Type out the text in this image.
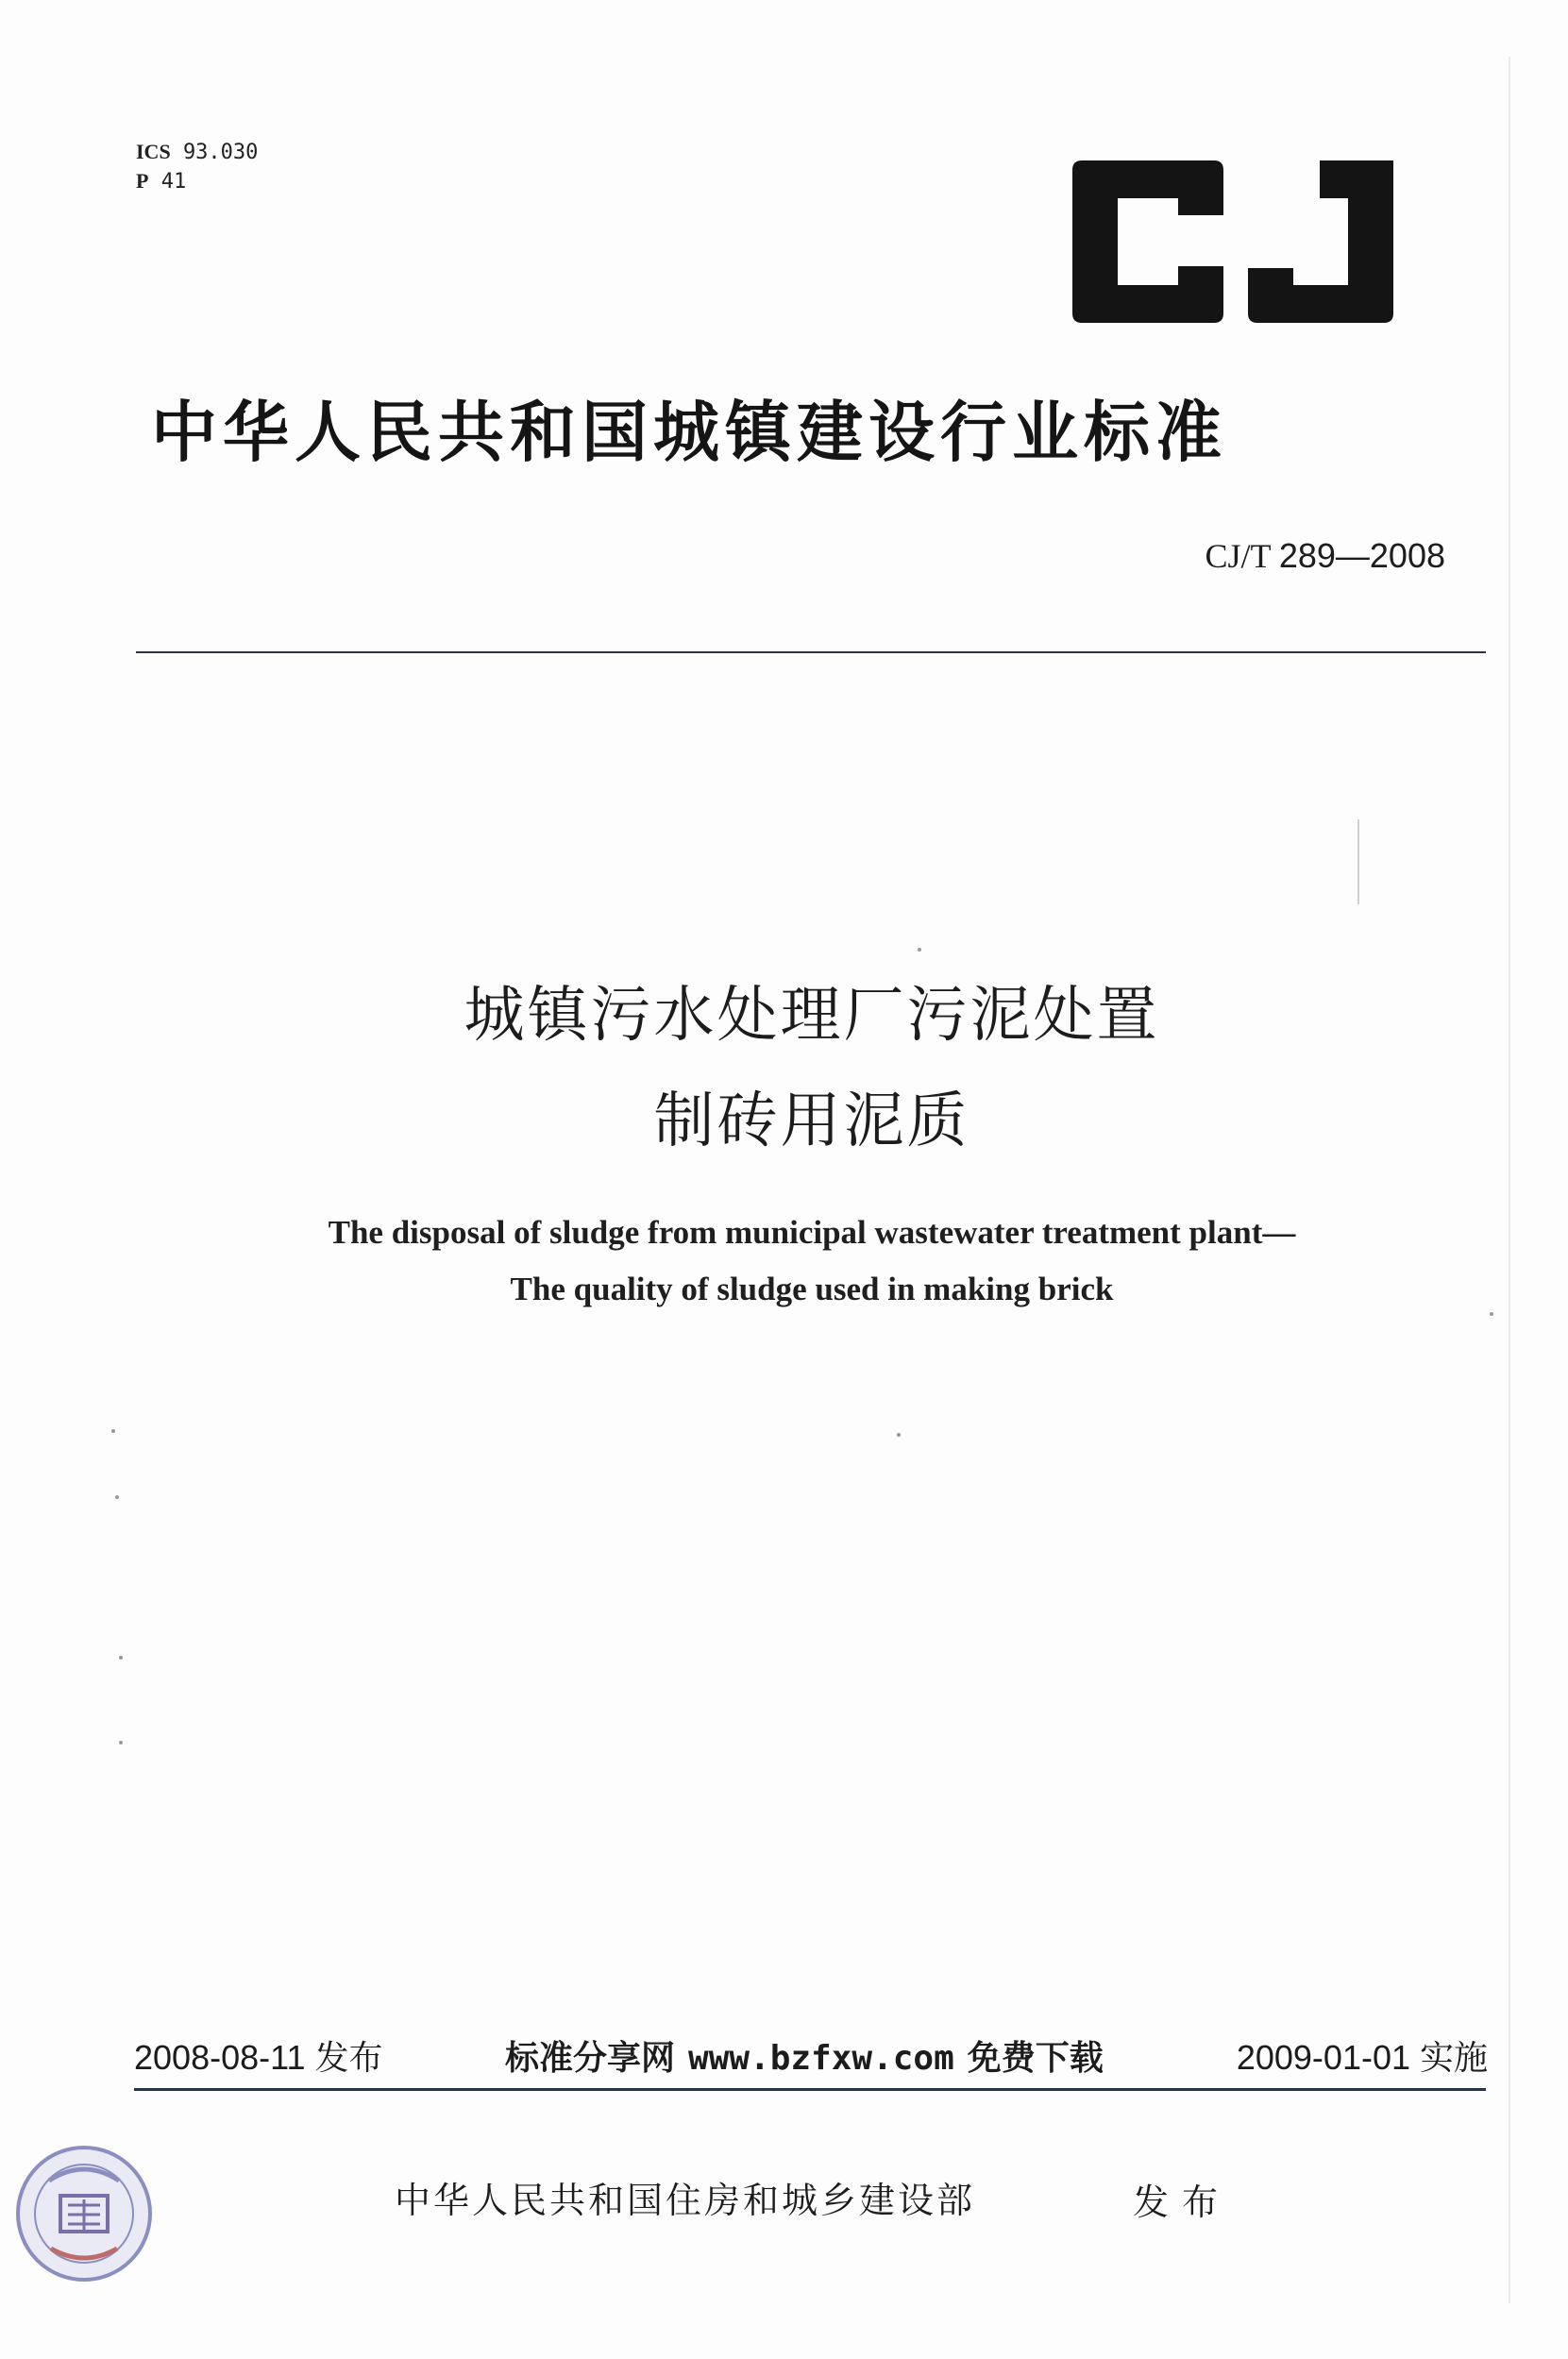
ICS 93.030
P 41
中华人民共和国城镇建设行业标准
CJ/T 289—2008
城镇污水处理厂污泥处置
制砖用泥质
The disposal of sludge from municipal wastewater treatment plant—
The quality of sludge used in making brick
2008-08-11 发布	标准分享网 www.bzfxw.com 免费下载	2009-01-01 实施
中华人民共和国住房和城乡建设部	发布
